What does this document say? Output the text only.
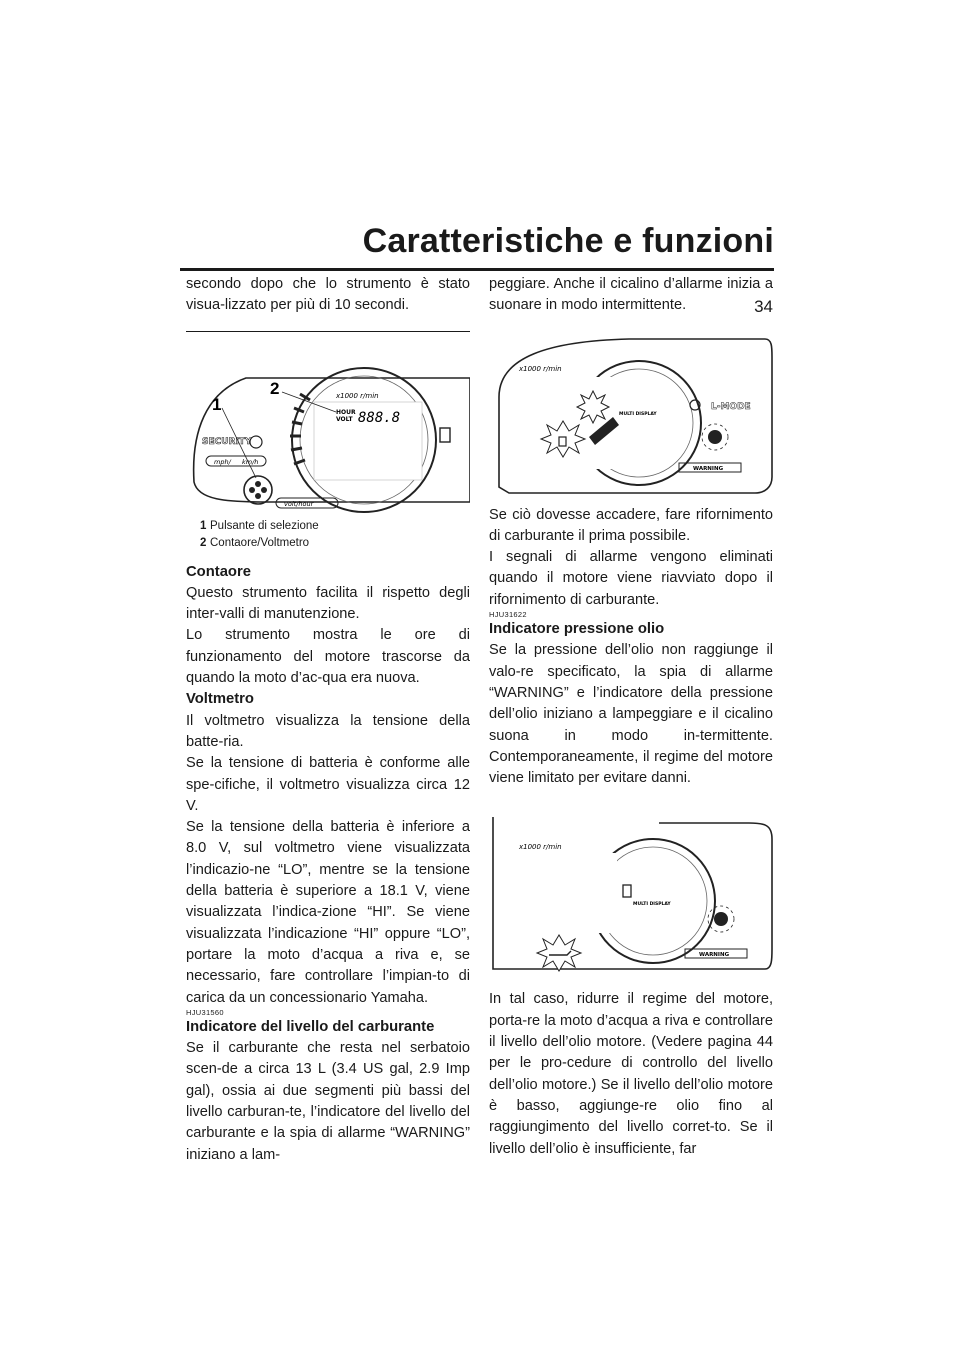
Caratteristiche e funzioni
34

secondo dopo che lo strumento è stato visua-lizzato per più di 10 secondi.

x1000 r/min
HOUR
VOLT 888.8
SECURITY
mph/ km/h
volt/hour
1
2
1 Pulsante di selezione
2 Contaore/Voltmetro

Contaore

Questo strumento facilita il rispetto degli inter-valli di manutenzione.

Lo strumento mostra le ore di funzionamento del motore trascorse da quando la moto d’ac-qua era nuova.

Voltmetro

Il voltmetro visualizza la tensione della batte-ria.

Se la tensione di batteria è conforme alle spe-cifiche, il voltmetro visualizza circa 12 V.

Se la tensione della batteria è inferiore a 8.0 V, sul voltmetro viene visualizzata l’indicazio-ne “LO”, mentre se la tensione della batteria è superiore a 18.1 V, viene visualizzata l’indica-zione “HI”. Se viene visualizzata l’indicazione “HI” oppure “LO”, portare la moto d’acqua a riva e, se necessario, fare controllare l’impian-to di carica da un concessionario Yamaha.

HJU31560

Indicatore del livello del carburante

Se il carburante che resta nel serbatoio scen-de a circa 13 L (3.4 US gal, 2.9 Imp gal), ossia ai due segmenti più bassi del livello carburan-te, l’indicatore del livello del carburante e la spia di allarme “WARNING” iniziano a lam-

peggiare. Anche il cicalino d’allarme inizia a suonare in modo intermittente.

x1000 r/min
MULTI DISPLAY
L-MODE
WARNING

Se ciò dovesse accadere, fare rifornimento di carburante il prima possibile.

I segnali di allarme vengono eliminati quando il motore viene riavviato dopo il rifornimento di carburante.

HJU31622

Indicatore pressione olio

Se la pressione dell’olio non raggiunge il valo-re specificato, la spia di allarme “WARNING” e l’indicatore della pressione dell’olio iniziano a lampeggiare e il cicalino suona in modo in-termittente. Contemporaneamente, il regime del motore viene limitato per evitare danni.

x1000 r/min
MULTI DISPLAY
WARNING

In tal caso, ridurre il regime del motore, porta-re la moto d’acqua a riva e controllare il livello dell’olio motore. (Vedere pagina 44 per le pro-cedure di controllo del livello dell’olio motore.) Se il livello dell’olio motore è basso, aggiunge-re olio fino al raggiungimento del livello corret-to. Se il livello dell’olio è insufficiente, far
